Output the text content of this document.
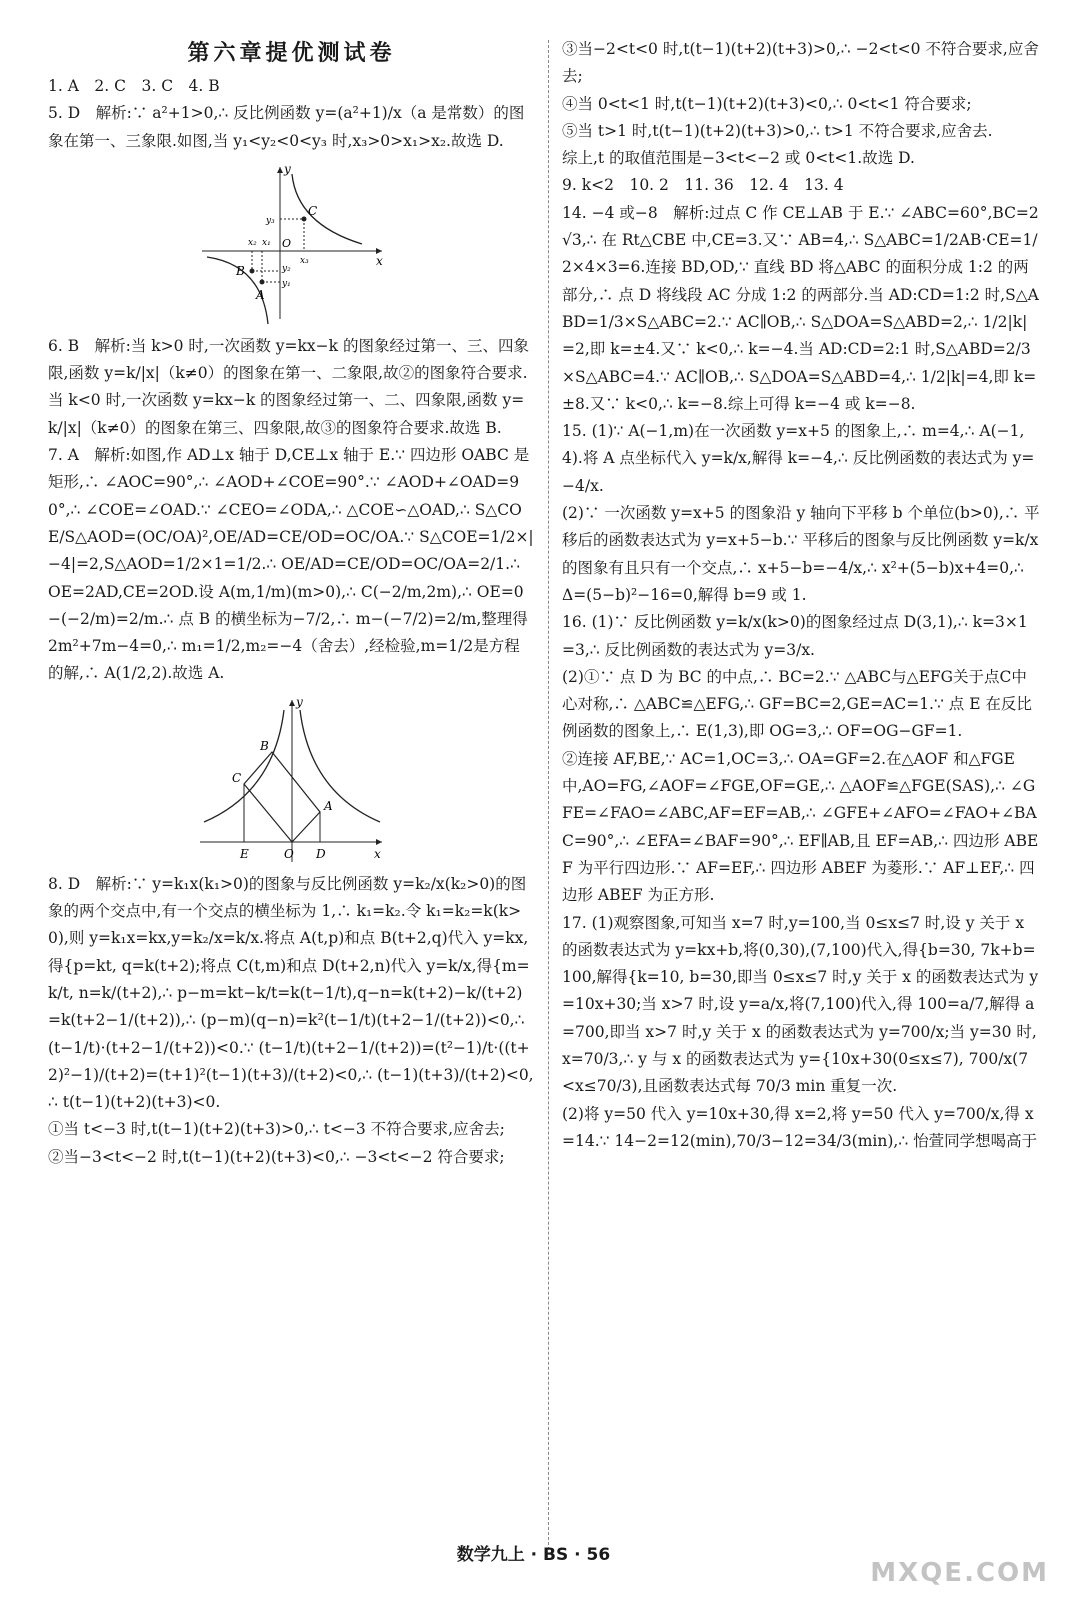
第六章提优测试卷

1. A　2. C　3. C　4. B

5. D　解析:∵ a²+1>0,∴ 反比例函数 y=(a²+1)/x（a 是常数）的图象在第一、三象限.如图,当 y₁<y₂<0<y₃ 时,x₃>0>x₁>x₂.故选 D.

y
x
O
A
B
C
x₁
x₂
x₃
y₁
y₂
y₃

6. B　解析:当 k>0 时,一次函数 y=kx−k 的图象经过第一、三、四象限,函数 y=k/|x|（k≠0）的图象在第一、二象限,故②的图象符合要求.当 k<0 时,一次函数 y=kx−k 的图象经过第一、二、四象限,函数 y=k/|x|（k≠0）的图象在第三、四象限,故③的图象符合要求.故选 B.

7. A　解析:如图,作 AD⊥x 轴于 D,CE⊥x 轴于 E.∵ 四边形 OABC 是矩形,∴ ∠AOC=90°,∴ ∠AOD+∠COE=90°.∵ ∠AOD+∠OAD=90°,∴ ∠COE=∠OAD.∵ ∠CEO=∠ODA,∴ △COE∽△OAD,∴ S△COE/S△AOD=(OC/OA)²,OE/AD=CE/OD=OC/OA.∵ S△COE=1/2×|−4|=2,S△AOD=1/2×1=1/2.∴ OE/AD=CE/OD=OC/OA=2/1.∴ OE=2AD,CE=2OD.设 A(m,1/m)(m>0),∴ C(−2/m,2m),∴ OE=0−(−2/m)=2/m.∴ 点 B 的横坐标为−7/2,∴ m−(−7/2)=2/m,整理得 2m²+7m−4=0,∴ m₁=1/2,m₂=−4（舍去）,经检验,m=1/2是方程的解,∴ A(1/2,2).故选 A.

y
x
O
A
B
C
D
E

8. D　解析:∵ y=k₁x(k₁>0)的图象与反比例函数 y=k₂/x(k₂>0)的图象的两个交点中,有一个交点的横坐标为 1,∴ k₁=k₂.令 k₁=k₂=k(k>0),则 y=k₁x=kx,y=k₂/x=k/x.将点 A(t,p)和点 B(t+2,q)代入 y=kx,得{p=kt, q=k(t+2);将点 C(t,m)和点 D(t+2,n)代入 y=k/x,得{m=k/t, n=k/(t+2),∴ p−m=kt−k/t=k(t−1/t),q−n=k(t+2)−k/(t+2)=k(t+2−1/(t+2)),∴ (p−m)(q−n)=k²(t−1/t)(t+2−1/(t+2))<0,∴ (t−1/t)·(t+2−1/(t+2))<0.∵ (t−1/t)(t+2−1/(t+2))=(t²−1)/t·((t+2)²−1)/(t+2)=(t+1)²(t−1)(t+3)/(t+2)<0,∴ (t−1)(t+3)/(t+2)<0,∴ t(t−1)(t+2)(t+3)<0.

①当 t<−3 时,t(t−1)(t+2)(t+3)>0,∴ t<−3 不符合要求,应舍去;

②当−3<t<−2 时,t(t−1)(t+2)(t+3)<0,∴ −3<t<−2 符合要求;

③当−2<t<0 时,t(t−1)(t+2)(t+3)>0,∴ −2<t<0 不符合要求,应舍去;

④当 0<t<1 时,t(t−1)(t+2)(t+3)<0,∴ 0<t<1 符合要求;

⑤当 t>1 时,t(t−1)(t+2)(t+3)>0,∴ t>1 不符合要求,应舍去.

综上,t 的取值范围是−3<t<−2 或 0<t<1.故选 D.

9. k<2　10. 2　11. 36　12. 4　13. 4

14. −4 或−8　解析:过点 C 作 CE⊥AB 于 E.∵ ∠ABC=60°,BC=2√3,∴ 在 Rt△CBE 中,CE=3.又∵ AB=4,∴ S△ABC=1/2AB·CE=1/2×4×3=6.连接 BD,OD,∵ 直线 BD 将△ABC 的面积分成 1:2 的两部分,∴ 点 D 将线段 AC 分成 1:2 的两部分.当 AD:CD=1:2 时,S△ABD=1/3×S△ABC=2.∵ AC∥OB,∴ S△DOA=S△ABD=2,∴ 1/2|k|=2,即 k=±4.又∵ k<0,∴ k=−4.当 AD:CD=2:1 时,S△ABD=2/3×S△ABC=4.∵ AC∥OB,∴ S△DOA=S△ABD=4,∴ 1/2|k|=4,即 k=±8.又∵ k<0,∴ k=−8.综上可得 k=−4 或 k=−8.

15. (1)∵ A(−1,m)在一次函数 y=x+5 的图象上,∴ m=4,∴ A(−1,4).将 A 点坐标代入 y=k/x,解得 k=−4,∴ 反比例函数的表达式为 y=−4/x.

(2)∵ 一次函数 y=x+5 的图象沿 y 轴向下平移 b 个单位(b>0),∴ 平移后的函数表达式为 y=x+5−b.∵ 平移后的图象与反比例函数 y=k/x 的图象有且只有一个交点,∴ x+5−b=−4/x,∴ x²+(5−b)x+4=0,∴ Δ=(5−b)²−16=0,解得 b=9 或 1.

16. (1)∵ 反比例函数 y=k/x(k>0)的图象经过点 D(3,1),∴ k=3×1=3,∴ 反比例函数的表达式为 y=3/x.

(2)①∵ 点 D 为 BC 的中点,∴ BC=2.∵ △ABC与△EFG关于点C中心对称,∴ △ABC≌△EFG,∴ GF=BC=2,GE=AC=1.∵ 点 E 在反比例函数的图象上,∴ E(1,3),即 OG=3,∴ OF=OG−GF=1.

②连接 AF,BE,∵ AC=1,OC=3,∴ OA=GF=2.在△AOF 和△FGE 中,AO=FG,∠AOF=∠FGE,OF=GE,∴ △AOF≌△FGE(SAS),∴ ∠GFE=∠FAO=∠ABC,AF=EF=AB,∴ ∠GFE+∠AFO=∠FAO+∠BAC=90°,∴ ∠EFA=∠BAF=90°,∴ EF∥AB,且 EF=AB,∴ 四边形 ABEF 为平行四边形.∵ AF=EF,∴ 四边形 ABEF 为菱形.∵ AF⊥EF,∴ 四边形 ABEF 为正方形.

17. (1)观察图象,可知当 x=7 时,y=100,当 0≤x≤7 时,设 y 关于 x 的函数表达式为 y=kx+b,将(0,30),(7,100)代入,得{b=30, 7k+b=100,解得{k=10, b=30,即当 0≤x≤7 时,y 关于 x 的函数表达式为 y=10x+30;当 x>7 时,设 y=a/x,将(7,100)代入,得 100=a/7,解得 a=700,即当 x>7 时,y 关于 x 的函数表达式为 y=700/x;当 y=30 时,x=70/3,∴ y 与 x 的函数表达式为 y={10x+30(0≤x≤7), 700/x(7<x≤70/3),且函数表达式每 70/3 min 重复一次.

(2)将 y=50 代入 y=10x+30,得 x=2,将 y=50 代入 y=700/x,得 x=14.∵ 14−2=12(min),70/3−12=34/3(min),∴ 怡萱同学想喝高于

数学九上 · BS · 56
MXQE.COM
